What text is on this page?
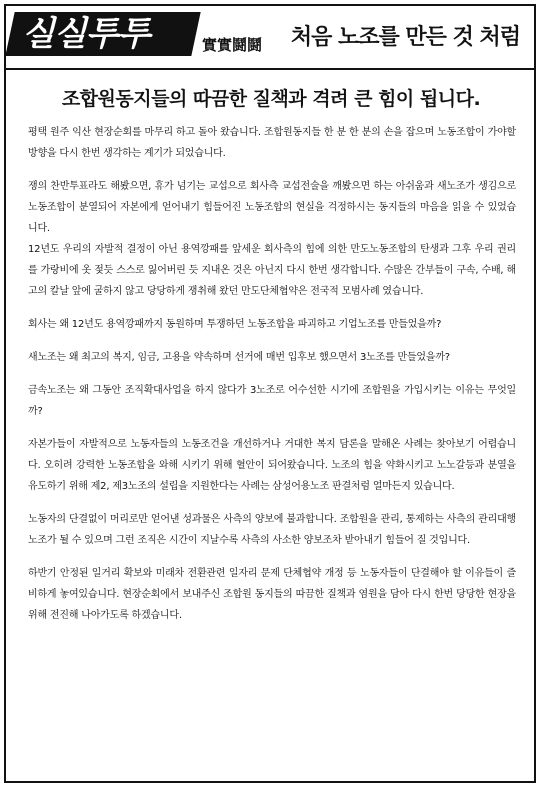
실실투투	實實鬪鬪 처음 노조를 만든 것 처럼
조합원동지들의 따끔한 질책과 격려 큰 힘이 됩니다.

평택 원주 익산 현장순회를 마무리 하고 돌아 왔습니다. 조합원동지들 한 분 한 분의 손을 잡으며 노동조합이 가야할 방향을 다시 한번 생각하는 계기가 되었습니다.

쟁의 찬반투표라도 해봤으면, 휴가 넘기는 교섭으로 회사측 교섭전술을 깨봤으면 하는 아쉬움과 새노조가 생김으로 노동조합이 분열되어 자본에게 얻어내기 힘들어진 노동조합의 현실을 걱정하시는 동지들의 마음을 읽을 수 있었습니다.

12년도 우리의 자발적 결정이 아닌 용역깡패를 앞세운 회사측의 힘에 의한 만도노동조합의 탄생과 그후 우리 권리를 가랑비에 옷 젖듯 스스로 잃어버린 듯 지내온 것은 아닌지 다시 한번 생각합니다. 수많은 간부들이 구속, 수배, 해고의 칼날 앞에 굴하지 않고 당당하게 쟁취해 왔던 만도단체협약은 전국적 모범사례 였습니다.

회사는 왜 12년도 용역깡패까지 동원하며 투쟁하던 노동조합을 파괴하고 기업노조를 만들었을까?

새노조는 왜 최고의 복지, 임금, 고용을 약속하며 선거에 매번 입후보 했으면서 3노조를 만들었을까?

금속노조는 왜 그동안 조직확대사업을 하지 않다가 3노조로 어수선한 시기에 조합원을 가입시키는 이유는 무엇일까?

자본가들이 자발적으로 노동자들의 노동조건을 개선하거나 거대한 복지 담론을 말해온 사례는 찾아보기 어렵습니다. 오히려 강력한 노동조합을 와해 시키기 위해 혈안이 되어왔습니다. 노조의 힘을 약화시키고 노노갈등과 분열을 유도하기 위해 제2, 제3노조의 설립을 지원한다는 사례는 삼성어용노조 판결처럼 얼마든지 있습니다.

노동자의 단결없이 머리로만 얻어낸 성과물은 사측의 양보에 불과합니다. 조합원을 관리, 통제하는 사측의 관리대행 노조가 될 수 있으며 그런 조직은 시간이 지날수록 사측의 사소한 양보조차 받아내기 힘들어 질 것입니다.

하반기 안정된 일거리 확보와 미래차 전환관련 일자리 문제 단체협약 개정 등 노동자들이 단결해야 할 이유들이 즐비하게 놓여있습니다. 현장순회에서 보내주신 조합원 동지들의 따끔한 질책과 염원을 담아 다시 한번 당당한 현장을 위해 전진해 나아가도록 하겠습니다.
